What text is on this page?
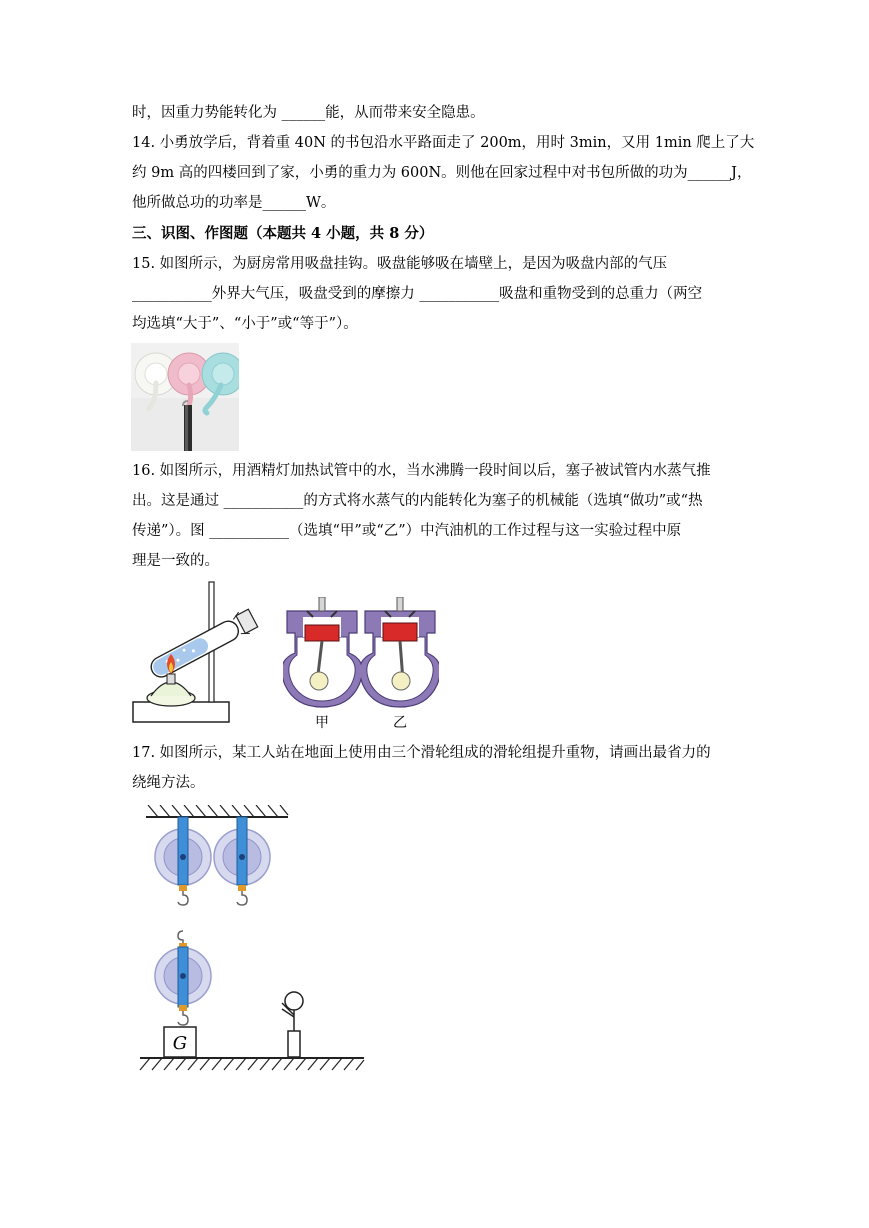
时，因重力势能转化为 ______能，从而带来安全隐患。
14. 小勇放学后，背着重 40N 的书包沿水平路面走了 200m，用时 3min，又用 1min 爬上了大
约 9m 高的四楼回到了家，小勇的重力为 600N。则他在回家过程中对书包所做的功为______J，
他所做总功的功率是______W。
三、识图、作图题（本题共 4 小题，共 8 分）
15. 如图所示，为厨房常用吸盘挂钩。吸盘能够吸在墙壁上，是因为吸盘内部的气压
___________外界大气压，吸盘受到的摩擦力 ___________吸盘和重物受到的总重力（两空
均选填“大于”、“小于”或“等于”）。
16. 如图所示，用酒精灯加热试管中的水，当水沸腾一段时间以后，塞子被试管内水蒸气推
出。这是通过 ___________的方式将水蒸气的内能转化为塞子的机械能（选填“做功”或“热
传递”）。图 ___________（选填“甲”或“乙”）中汽油机的工作过程与这一实验过程中原
理是一致的。
17. 如图所示，某工人站在地面上使用由三个滑轮组成的滑轮组提升重物，请画出最省力的
绕绳方法。
甲	乙
G
